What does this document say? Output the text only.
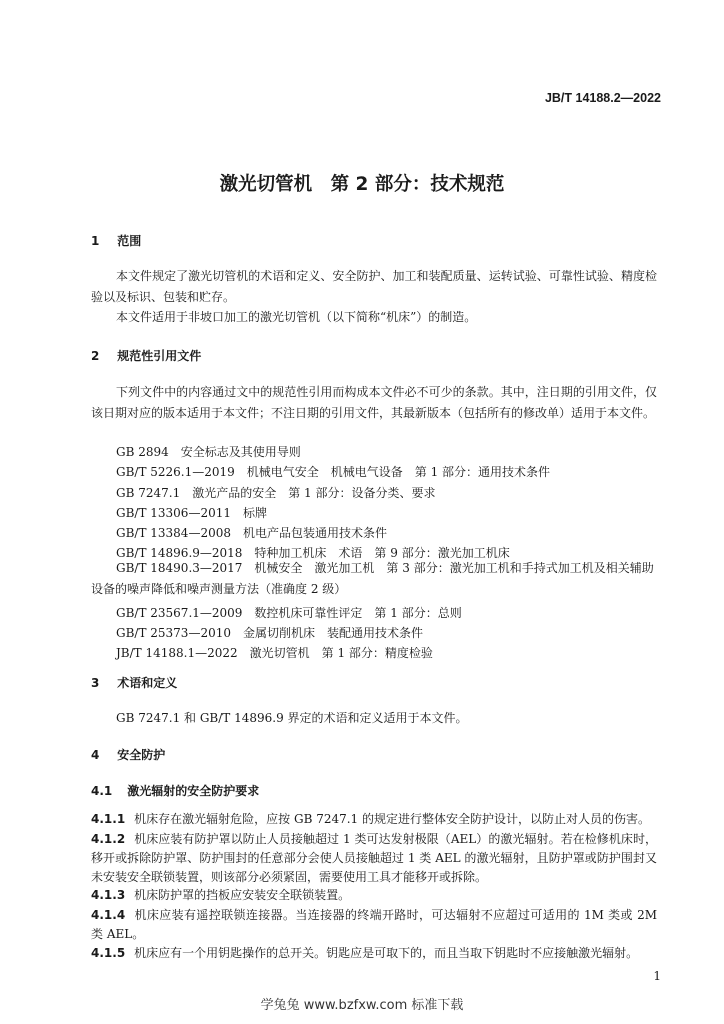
JB/T 14188.2—2022
激光切管机　第 2 部分：技术规范
1 范围
本文件规定了激光切管机的术语和定义、安全防护、加工和装配质量、运转试验、可靠性试验、精度检验以及标识、包装和贮存。
本文件适用于非坡口加工的激光切管机（以下简称“机床”）的制造。
2 规范性引用文件
下列文件中的内容通过文中的规范性引用而构成本文件必不可少的条款。其中，注日期的引用文件，仅该日期对应的版本适用于本文件；不注日期的引用文件，其最新版本（包括所有的修改单）适用于本文件。
GB 2894　安全标志及其使用导则
GB/T 5226.1—2019　机械电气安全　机械电气设备　第 1 部分：通用技术条件
GB 7247.1　激光产品的安全　第 1 部分：设备分类、要求
GB/T 13306—2011　标牌
GB/T 13384—2008　机电产品包装通用技术条件
GB/T 14896.9—2018　特种加工机床　术语　第 9 部分：激光加工机床
GB/T 18490.3—2017　机械安全　激光加工机　第 3 部分：激光加工机和手持式加工机及相关辅助设备的噪声降低和噪声测量方法（准确度 2 级）
GB/T 23567.1—2009　数控机床可靠性评定　第 1 部分：总则
GB/T 25373—2010　金属切削机床　装配通用技术条件
JB/T 14188.1—2022　激光切管机　第 1 部分：精度检验
3 术语和定义
GB 7247.1 和 GB/T 14896.9 界定的术语和定义适用于本文件。
4 安全防护
4.1 激光辐射的安全防护要求
4.1.1 机床存在激光辐射危险，应按 GB 7247.1 的规定进行整体安全防护设计，以防止对人员的伤害。
4.1.2 机床应装有防护罩以防止人员接触超过 1 类可达发射极限（AEL）的激光辐射。若在检修机床时，移开或拆除防护罩、防护围封的任意部分会使人员接触超过 1 类 AEL 的激光辐射，且防护罩或防护围封又未安装安全联锁装置，则该部分必须紧固，需要使用工具才能移开或拆除。
4.1.3 机床防护罩的挡板应安装安全联锁装置。
4.1.4 机床应装有遥控联锁连接器。当连接器的终端开路时，可达辐射不应超过可适用的 1M 类或 2M 类 AEL。
4.1.5 机床应有一个用钥匙操作的总开关。钥匙应是可取下的，而且当取下钥匙时不应接触激光辐射。
1
学兔兔 www.bzfxw.com 标准下载
